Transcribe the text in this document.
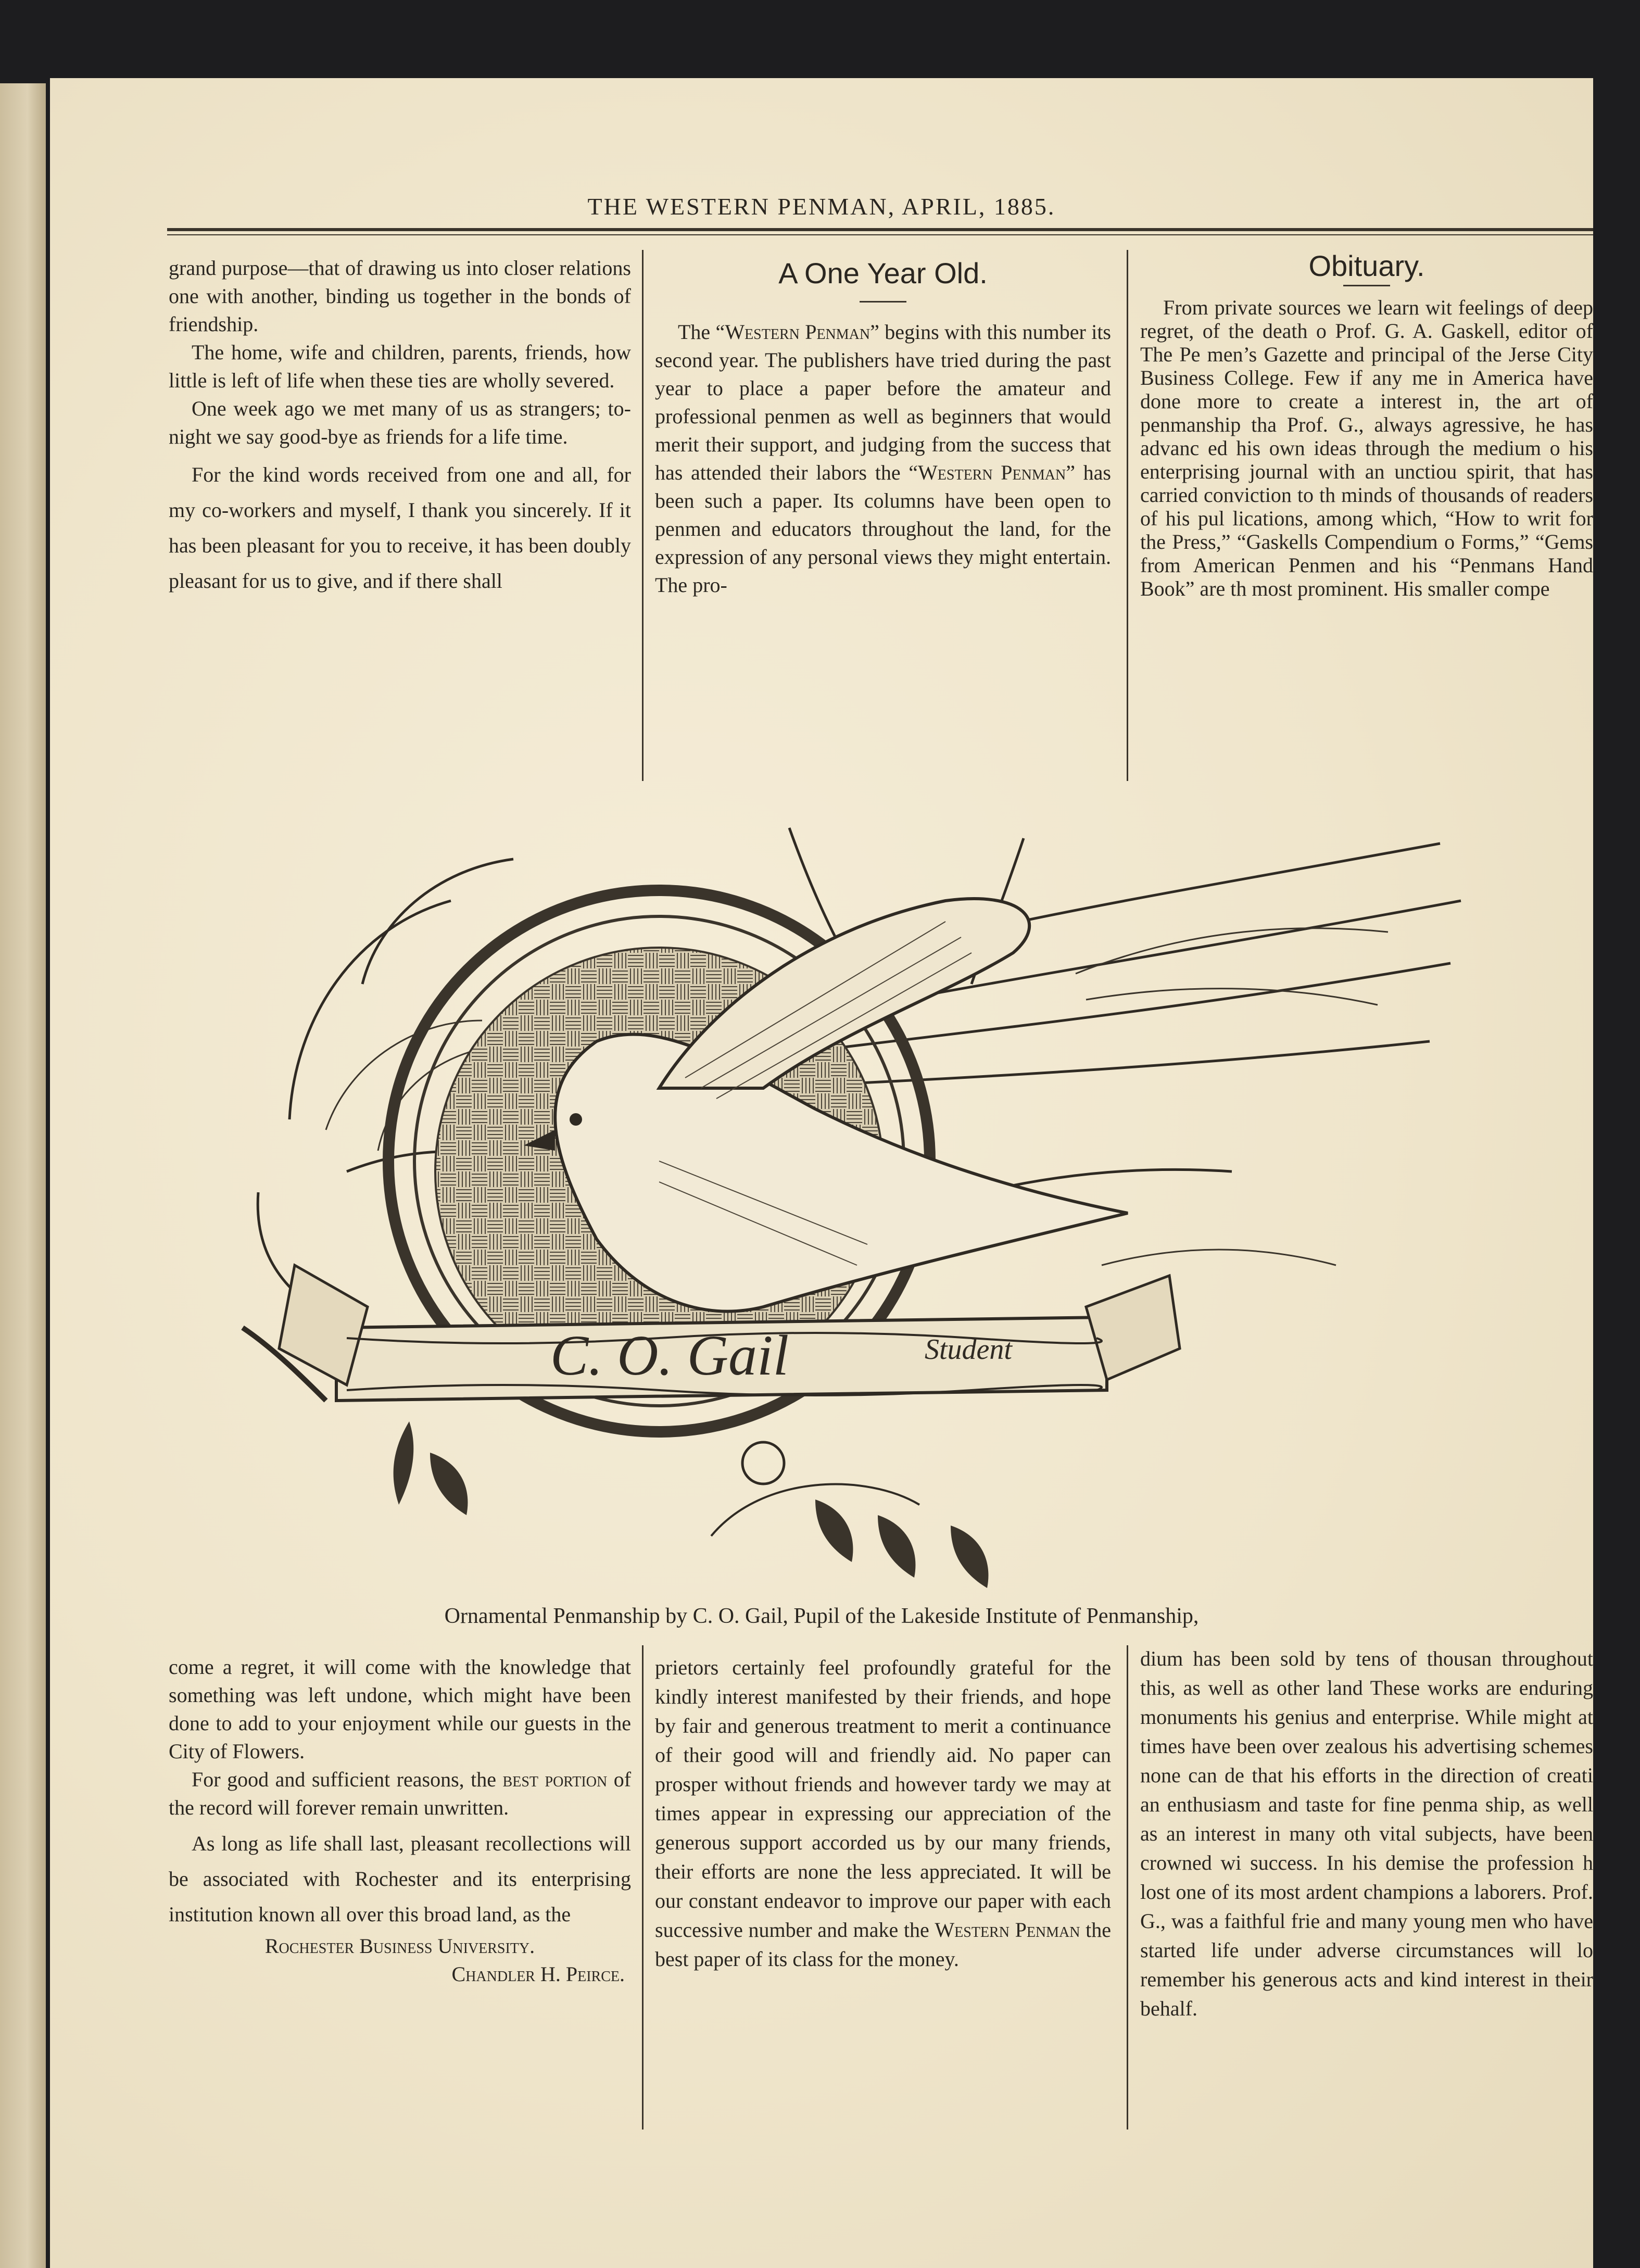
THE WESTERN PENMAN, APRIL, 1885.

grand purpose—that of drawing us into closer relations one with another, binding us together in the bonds of friendship.

The home, wife and children, parents, friends, how little is left of life when these ties are wholly severed.

One week ago we met many of us as strangers; to-night we say good-bye as friends for a life time.

For the kind words received from one and all, for my co-workers and myself, I thank you sincerely. If it has been pleasant for you to receive, it has been doubly pleasant for us to give, and if there shall

A One Year Old.

The “Western Penman” begins with this number its second year. The publishers have tried during the past year to place a paper before the amateur and professional penmen as well as beginners that would merit their support, and judging from the success that has attended their labors the “Western Penman” has been such a paper. Its columns have been open to penmen and educators throughout the land, for the expression of any personal views they might entertain. The pro-

Obituary.

From private sources we learn wit feelings of deep regret, of the death o Prof. G. A. Gaskell, editor of The Pe men’s Gazette and principal of the Jerse City Business College. Few if any me in America have done more to create a interest in, the art of penmanship tha Prof. G., always agressive, he has advanc ed his own ideas through the medium o his enterprising journal with an unctiou spirit, that has carried conviction to th minds of thousands of readers of his pul lications, among which, “How to writ for the Press,” “Gaskells Compendium o Forms,” “Gems from American Penmen and his “Penmans Hand Book” are th most prominent. His smaller compe

C. O. Gail	Student
Ornamental Penmanship by C. O. Gail, Pupil of the Lakeside Institute of Penmanship,

come a regret, it will come with the knowledge that something was left undone, which might have been done to add to your enjoyment while our guests in the City of Flowers.

For good and sufficient reasons, the best portion of the record will forever remain unwritten.

As long as life shall last, pleasant recollections will be associated with Rochester and its enterprising institution known all over this broad land, as the

Rochester Business University.

Chandler H. Peirce.

prietors certainly feel profoundly grateful for the kindly interest manifested by their friends, and hope by fair and generous treatment to merit a continuance of their good will and friendly aid. No paper can prosper without friends and however tardy we may at times appear in expressing our appreciation of the generous support accorded us by our many friends, their efforts are none the less appreciated. It will be our constant endeavor to improve our paper with each successive number and make the Western Penman the best paper of its class for the money.

dium has been sold by tens of thousan throughout this, as well as other land These works are enduring monuments his genius and enterprise. While might at times have been over zealous his advertising schemes none can de that his efforts in the direction of creati an enthusiasm and taste for fine penma ship, as well as an interest in many oth vital subjects, have been crowned wi success. In his demise the profession h lost one of its most ardent champions a laborers. Prof. G., was a faithful frie and many young men who have started life under adverse circumstances will lo remember his generous acts and kind interest in their behalf.
